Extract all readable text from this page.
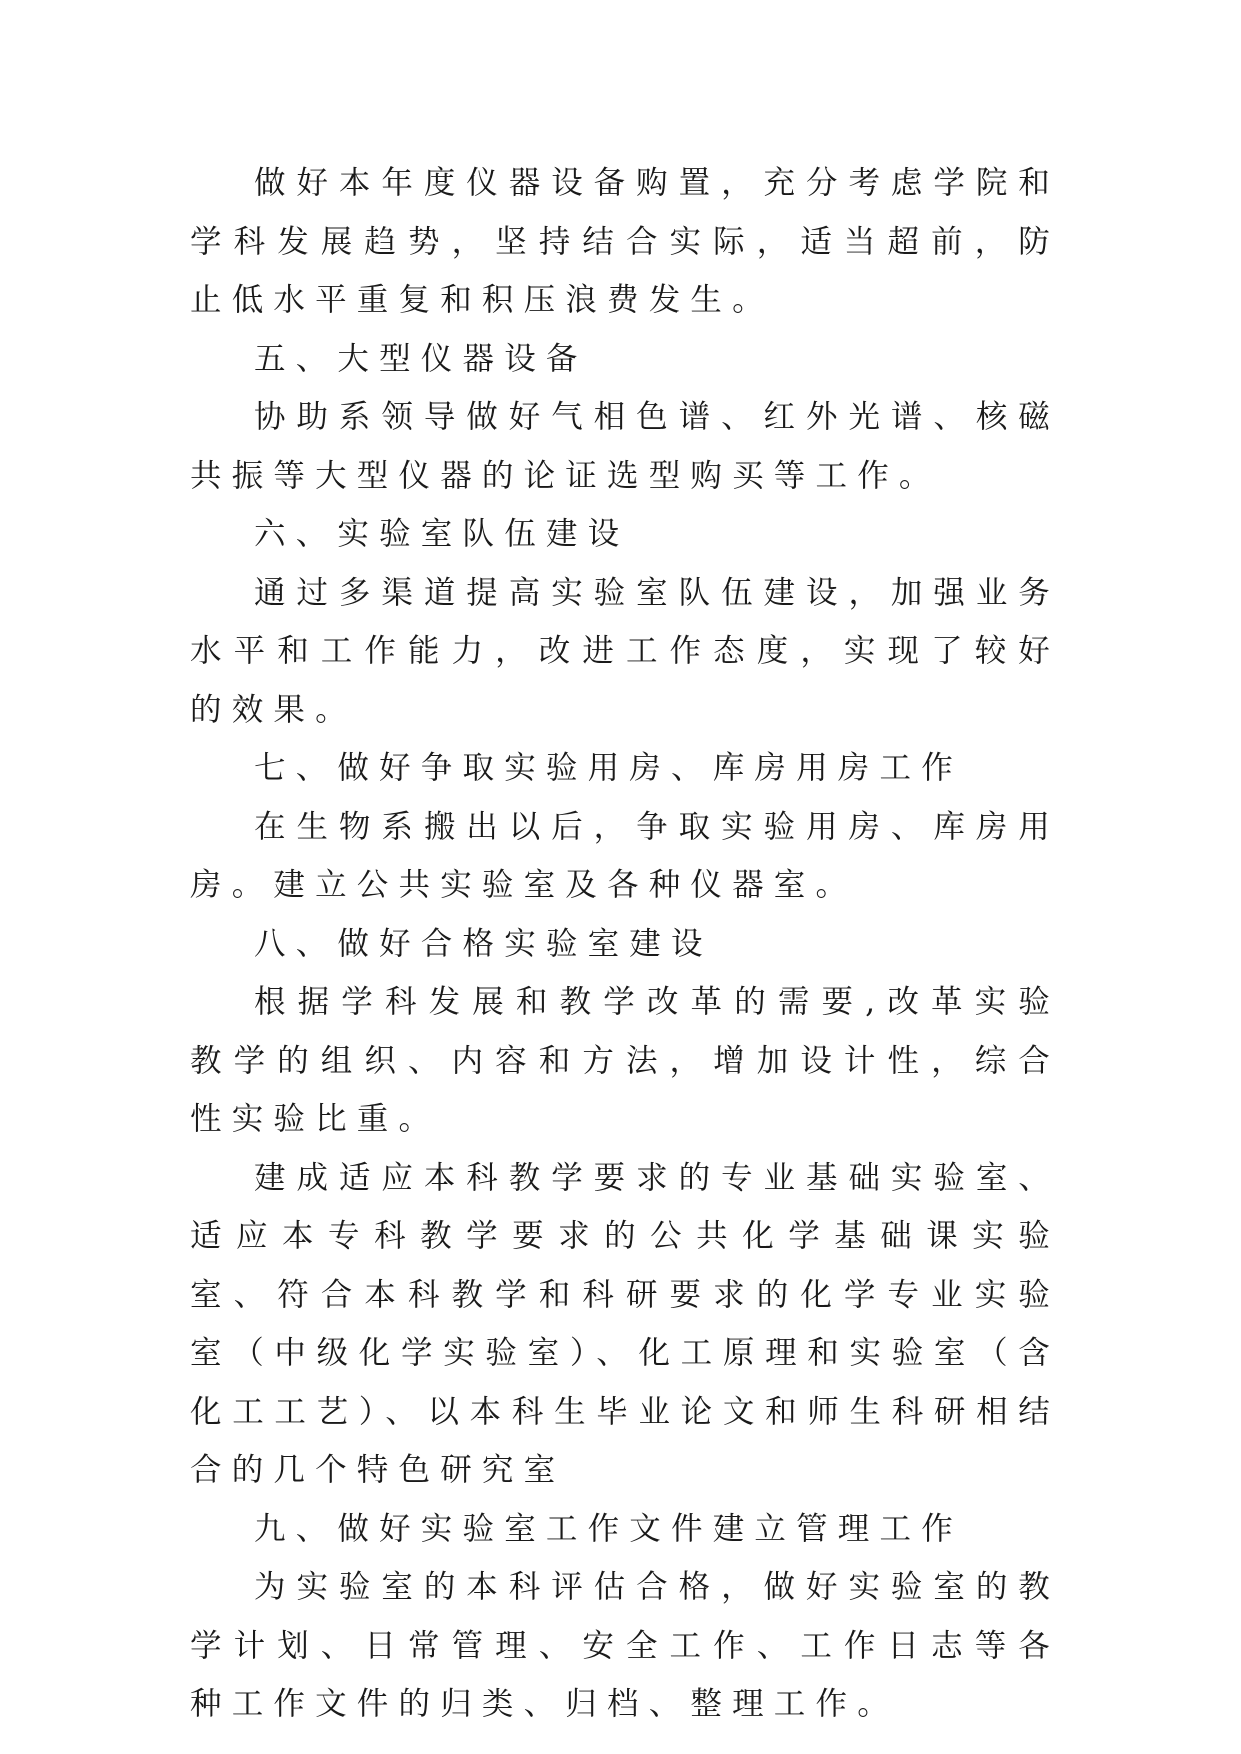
做好本年度仪器设备购置，充分考虑学院和学科发展趋势，坚持结合实际，适当超前，防止低水平重复和积压浪费发生。

五、大型仪器设备

协助系领导做好气相色谱、红外光谱、核磁共振等大型仪器的论证选型购买等工作。

六、实验室队伍建设

通过多渠道提高实验室队伍建设，加强业务水平和工作能力，改进工作态度，实现了较好的效果。

七、做好争取实验用房、库房用房工作

在生物系搬出以后，争取实验用房、库房用房。建立公共实验室及各种仪器室。

八、做好合格实验室建设

根据学科发展和教学改革的需要,改革实验教学的组织、内容和方法，增加设计性，综合性实验比重。

建成适应本科教学要求的专业基础实验室、适应本专科教学要求的公共化学基础课实验室、符合本科教学和科研要求的化学专业实验室（中级化学实验室）、化工原理和实验室（含化工工艺）、以本科生毕业论文和师生科研相结合的几个特色研究室

九、做好实验室工作文件建立管理工作

为实验室的本科评估合格，做好实验室的教学计划、日常管理、安全工作、工作日志等各种工作文件的归类、归档、整理工作。
